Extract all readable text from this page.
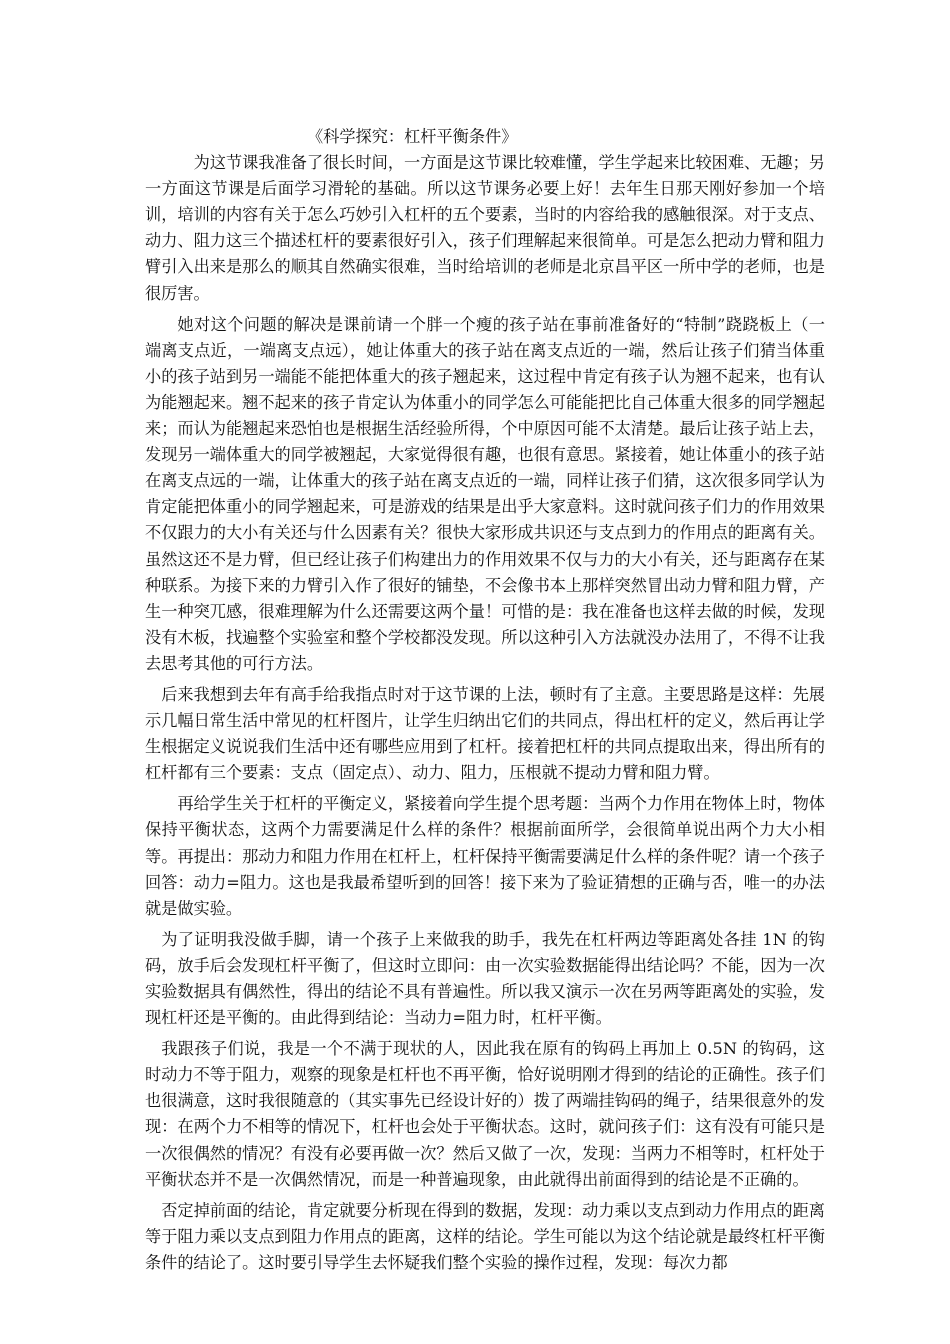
《科学探究：杠杆平衡条件》

为这节课我准备了很长时间，一方面是这节课比较难懂，学生学起来比较困难、无趣；另一方面这节课是后面学习滑轮的基础。所以这节课务必要上好！去年生日那天刚好参加一个培训，培训的内容有关于怎么巧妙引入杠杆的五个要素，当时的内容给我的感触很深。对于支点、动力、阻力这三个描述杠杆的要素很好引入，孩子们理解起来很简单。可是怎么把动力臂和阻力臂引入出来是那么的顺其自然确实很难，当时给培训的老师是北京昌平区一所中学的老师，也是很厉害。

她对这个问题的解决是课前请一个胖一个瘦的孩子站在事前准备好的“特制”跷跷板上（一端离支点近，一端离支点远），她让体重大的孩子站在离支点近的一端，然后让孩子们猜当体重小的孩子站到另一端能不能把体重大的孩子翘起来，这过程中肯定有孩子认为翘不起来，也有认为能翘起来。翘不起来的孩子肯定认为体重小的同学怎么可能能把比自己体重大很多的同学翘起来；而认为能翘起来恐怕也是根据生活经验所得，个中原因可能不太清楚。最后让孩子站上去，发现另一端体重大的同学被翘起，大家觉得很有趣，也很有意思。紧接着，她让体重小的孩子站在离支点远的一端，让体重大的孩子站在离支点近的一端，同样让孩子们猜，这次很多同学认为肯定能把体重小的同学翘起来，可是游戏的结果是出乎大家意料。这时就问孩子们力的作用效果不仅跟力的大小有关还与什么因素有关？很快大家形成共识还与支点到力的作用点的距离有关。虽然这还不是力臂，但已经让孩子们构建出力的作用效果不仅与力的大小有关，还与距离存在某种联系。为接下来的力臂引入作了很好的铺垫，不会像书本上那样突然冒出动力臂和阻力臂，产生一种突兀感，很难理解为什么还需要这两个量！可惜的是：我在准备也这样去做的时候，发现没有木板，找遍整个实验室和整个学校都没发现。所以这种引入方法就没办法用了，不得不让我去思考其他的可行方法。

后来我想到去年有高手给我指点时对于这节课的上法，顿时有了主意。主要思路是这样：先展示几幅日常生活中常见的杠杆图片，让学生归纳出它们的共同点，得出杠杆的定义，然后再让学生根据定义说说我们生活中还有哪些应用到了杠杆。接着把杠杆的共同点提取出来，得出所有的杠杆都有三个要素：支点（固定点）、动力、阻力，压根就不提动力臂和阻力臂。

再给学生关于杠杆的平衡定义，紧接着向学生提个思考题：当两个力作用在物体上时，物体保持平衡状态，这两个力需要满足什么样的条件？根据前面所学，会很简单说出两个力大小相等。再提出：那动力和阻力作用在杠杆上，杠杆保持平衡需要满足什么样的条件呢？请一个孩子回答：动力=阻力。这也是我最希望听到的回答！接下来为了验证猜想的正确与否，唯一的办法就是做实验。

为了证明我没做手脚，请一个孩子上来做我的助手，我先在杠杆两边等距离处各挂 1N 的钩码，放手后会发现杠杆平衡了，但这时立即问：由一次实验数据能得出结论吗？不能，因为一次实验数据具有偶然性，得出的结论不具有普遍性。所以我又演示一次在另两等距离处的实验，发现杠杆还是平衡的。由此得到结论：当动力=阻力时，杠杆平衡。

我跟孩子们说，我是一个不满于现状的人，因此我在原有的钩码上再加上 0.5N 的钩码，这时动力不等于阻力，观察的现象是杠杆也不再平衡，恰好说明刚才得到的结论的正确性。孩子们也很满意，这时我很随意的（其实事先已经设计好的）拨了两端挂钩码的绳子，结果很意外的发现：在两个力不相等的情况下，杠杆也会处于平衡状态。这时，就问孩子们：这有没有可能只是一次很偶然的情况？有没有必要再做一次？然后又做了一次，发现：当两力不相等时，杠杆处于平衡状态并不是一次偶然情况，而是一种普遍现象，由此就得出前面得到的结论是不正确的。

否定掉前面的结论，肯定就要分析现在得到的数据，发现：动力乘以支点到动力作用点的距离等于阻力乘以支点到阻力作用点的距离，这样的结论。学生可能以为这个结论就是最终杠杆平衡条件的结论了。这时要引导学生去怀疑我们整个实验的操作过程，发现：每次力都
